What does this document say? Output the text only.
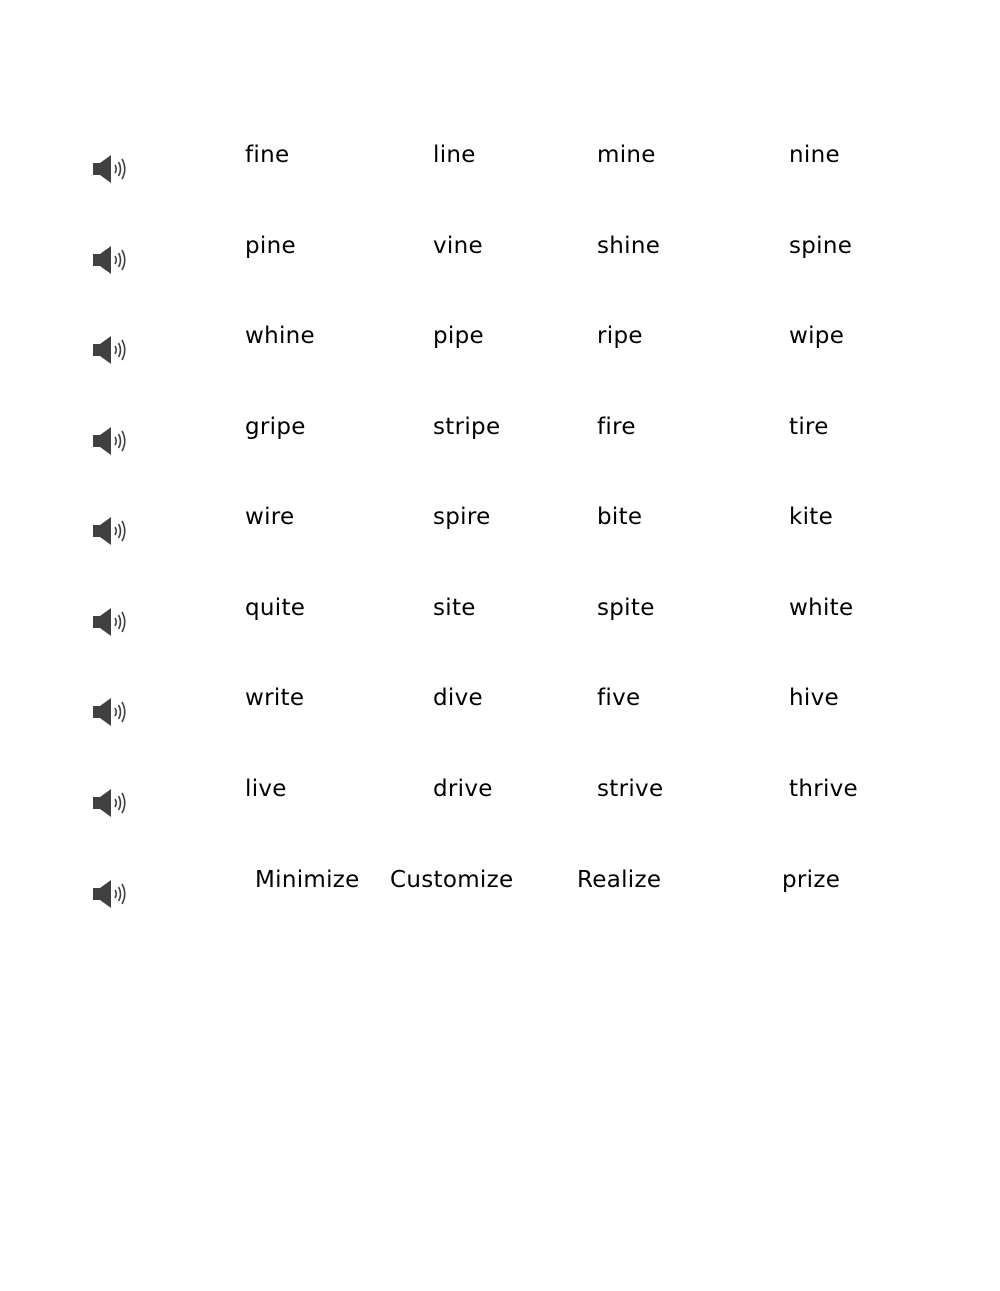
fine	line	mine	nine
pine	vine	shine	spine
whine	pipe	ripe	wipe
gripe	stripe	fire	tire
wire	spire	bite	kite
quite	site	spite	white
write	dive	five	hive
live	drive	strive	thrive
Minimize Customize	Realize	prize
